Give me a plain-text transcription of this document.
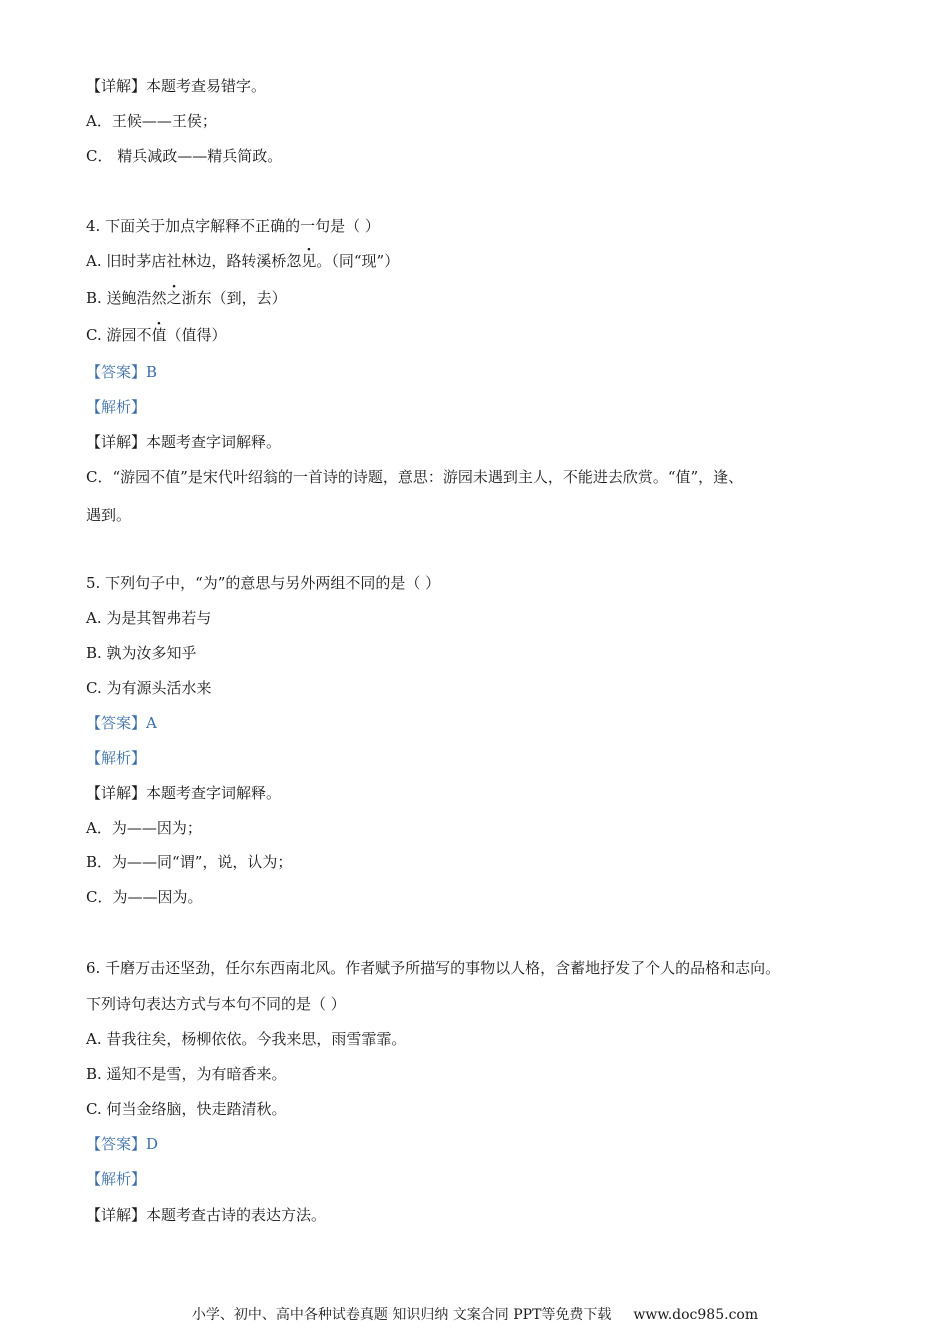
【详解】本题考查易错字。
A．王候——王侯；
C． 精兵减政——精兵简政。
4. 下面关于加点字解释不正确的一句是（ ）
A. 旧时茅店社林边，路转溪桥忽见。（同“现”）
B. 送鲍浩然之浙东（到，去）
C. 游园不值（值得）
【答案】B
【解析】
【详解】本题考查字词解释。
C．“游园不值”是宋代叶绍翁的一首诗的诗题，意思：游园未遇到主人，不能进去欣赏。“值”，逢、
遇到。
5. 下列句子中，“为”的意思与另外两组不同的是（ ）
A. 为是其智弗若与
B. 孰为汝多知乎
C. 为有源头活水来
【答案】A
【解析】
【详解】本题考查字词解释。
A．为——因为；
B．为——同“谓”，说，认为；
C．为——因为。
6. 千磨万击还坚劲，任尔东西南北风。作者赋予所描写的事物以人格，含蓄地抒发了个人的品格和志向。
下列诗句表达方式与本句不同的是（ ）
A. 昔我往矣，杨柳依依。今我来思，雨雪霏霏。
B. 遥知不是雪，为有暗香来。
C. 何当金络脑，快走踏清秋。
【答案】D
【解析】
【详解】本题考查古诗的表达方法。
小学、初中、高中各种试卷真题 知识归纳 文案合同 PPT等免费下载 www.doc985.com
